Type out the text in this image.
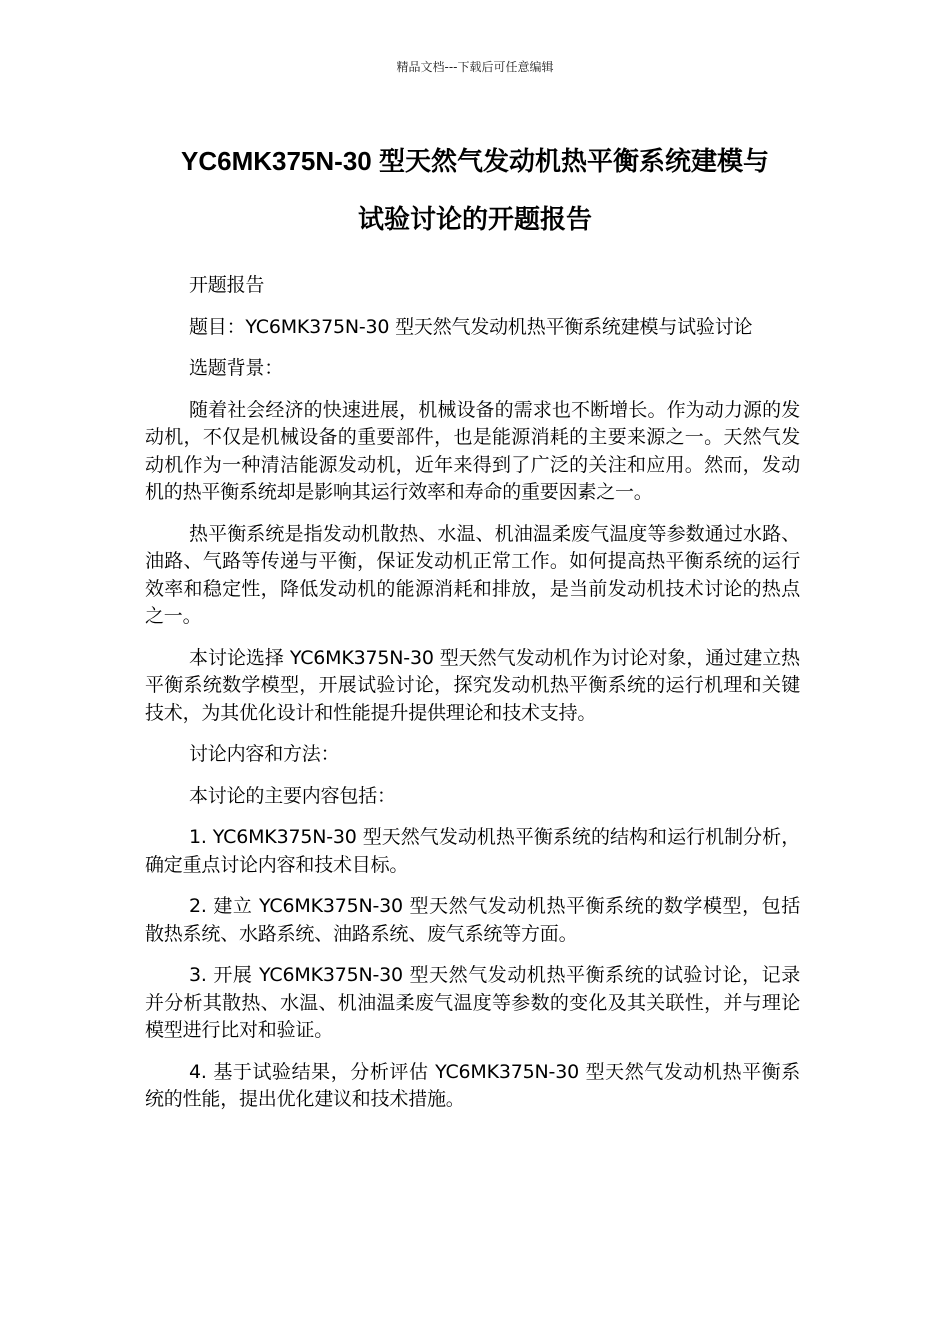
精品文档---下载后可任意编辑
YC6MK375N-30 型天然气发动机热平衡系统建模与
试验讨论的开题报告

开题报告

题目：YC6MK375N-30 型天然气发动机热平衡系统建模与试验讨论

选题背景：

随着社会经济的快速进展，机械设备的需求也不断增长。作为动力源的发动机，不仅是机械设备的重要部件，也是能源消耗的主要来源之一。天然气发动机作为一种清洁能源发动机，近年来得到了广泛的关注和应用。然而，发动机的热平衡系统却是影响其运行效率和寿命的重要因素之一。

热平衡系统是指发动机散热、水温、机油温柔废气温度等参数通过水路、油路、气路等传递与平衡，保证发动机正常工作。如何提高热平衡系统的运行效率和稳定性，降低发动机的能源消耗和排放，是当前发动机技术讨论的热点之一。

本讨论选择 YC6MK375N-30 型天然气发动机作为讨论对象，通过建立热平衡系统数学模型，开展试验讨论，探究发动机热平衡系统的运行机理和关键技术，为其优化设计和性能提升提供理论和技术支持。

讨论内容和方法：

本讨论的主要内容包括：

1. YC6MK375N-30 型天然气发动机热平衡系统的结构和运行机制分析，确定重点讨论内容和技术目标。

2. 建立 YC6MK375N-30 型天然气发动机热平衡系统的数学模型，包括散热系统、水路系统、油路系统、废气系统等方面。

3. 开展 YC6MK375N-30 型天然气发动机热平衡系统的试验讨论，记录并分析其散热、水温、机油温柔废气温度等参数的变化及其关联性，并与理论模型进行比对和验证。

4. 基于试验结果，分析评估 YC6MK375N-30 型天然气发动机热平衡系统的性能，提出优化建议和技术措施。
